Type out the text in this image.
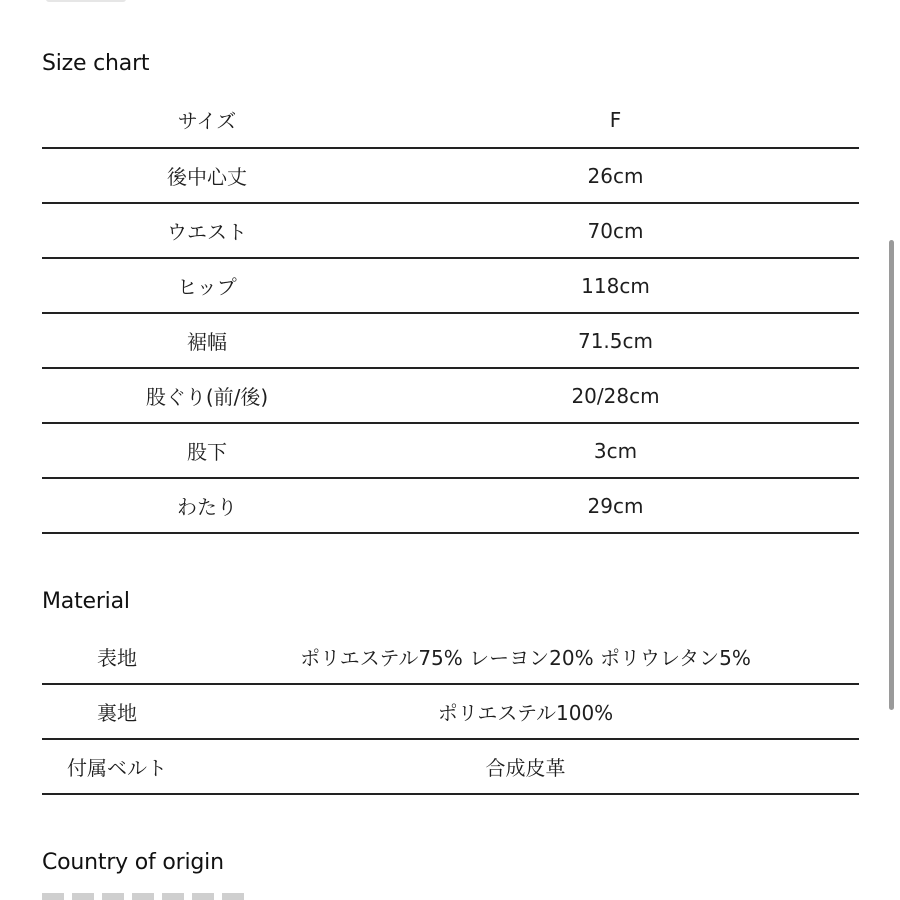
Size chart
サイズ	F
後中心丈	26cm
ウエスト	70cm
ヒップ	118cm
裾幅	71.5cm
股ぐり(前/後)	20/28cm
股下	3cm
わたり	29cm
Material
表地	ポリエステル75% レーヨン20% ポリウレタン5%
裏地	ポリエステル100%
付属ベルト	合成皮革
Country of origin
